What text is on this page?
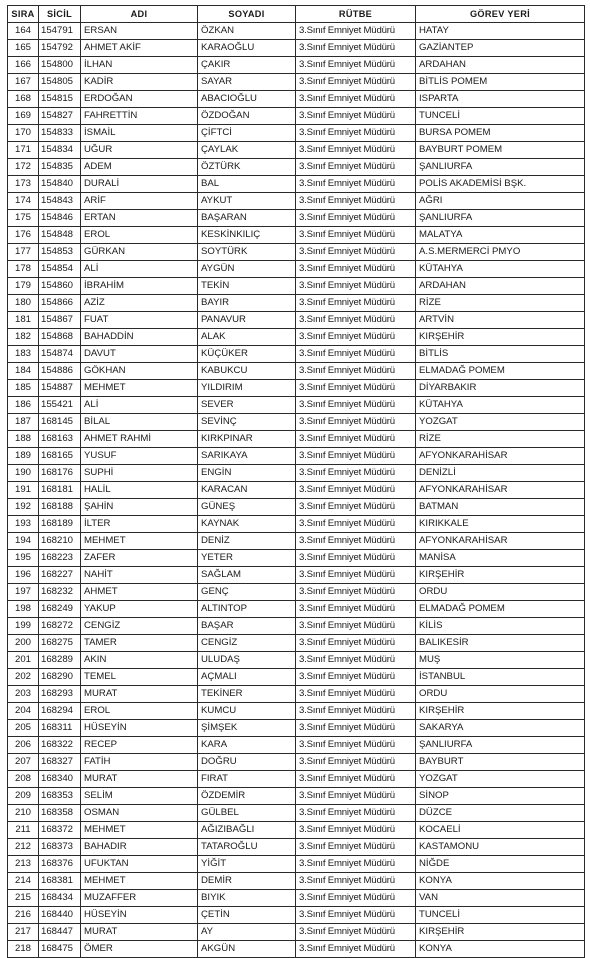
SIRA	SİCİL	ADI	SOYADI	RÜTBE	GÖREV YERİ
164	154791	ERSAN	ÖZKAN	3.Sınıf Emniyet Müdürü	HATAY
165	154792	AHMET AKİF	KARAOĞLU	3.Sınıf Emniyet Müdürü	GAZİANTEP
166	154800	İLHAN	ÇAKIR	3.Sınıf Emniyet Müdürü	ARDAHAN
167	154805	KADİR	SAYAR	3.Sınıf Emniyet Müdürü	BİTLİS POMEM
168	154815	ERDOĞAN	ABACIOĞLU	3.Sınıf Emniyet Müdürü	ISPARTA
169	154827	FAHRETTİN	ÖZDOĞAN	3.Sınıf Emniyet Müdürü	TUNCELİ
170	154833	İSMAİL	ÇİFTCİ	3.Sınıf Emniyet Müdürü	BURSA POMEM
171	154834	UĞUR	ÇAYLAK	3.Sınıf Emniyet Müdürü	BAYBURT POMEM
172	154835	ADEM	ÖZTÜRK	3.Sınıf Emniyet Müdürü	ŞANLIURFA
173	154840	DURALİ	BAL	3.Sınıf Emniyet Müdürü	POLİS AKADEMİSİ BŞK.
174	154843	ARİF	AYKUT	3.Sınıf Emniyet Müdürü	AĞRI
175	154846	ERTAN	BAŞARAN	3.Sınıf Emniyet Müdürü	ŞANLIURFA
176	154848	EROL	KESKİNKILIÇ	3.Sınıf Emniyet Müdürü	MALATYA
177	154853	GÜRKAN	SOYTÜRK	3.Sınıf Emniyet Müdürü	A.S.MERMERCİ PMYO
178	154854	ALİ	AYGÜN	3.Sınıf Emniyet Müdürü	KÜTAHYA
179	154860	İBRAHİM	TEKİN	3.Sınıf Emniyet Müdürü	ARDAHAN
180	154866	AZİZ	BAYIR	3.Sınıf Emniyet Müdürü	RİZE
181	154867	FUAT	PANAVUR	3.Sınıf Emniyet Müdürü	ARTVİN
182	154868	BAHADDİN	ALAK	3.Sınıf Emniyet Müdürü	KIRŞEHİR
183	154874	DAVUT	KÜÇÜKER	3.Sınıf Emniyet Müdürü	BİTLİS
184	154886	GÖKHAN	KABUKCU	3.Sınıf Emniyet Müdürü	ELMADAĞ POMEM
185	154887	MEHMET	YILDIRIM	3.Sınıf Emniyet Müdürü	DİYARBAKIR
186	155421	ALİ	SEVER	3.Sınıf Emniyet Müdürü	KÜTAHYA
187	168145	BİLAL	SEVİNÇ	3.Sınıf Emniyet Müdürü	YOZGAT
188	168163	AHMET RAHMİ	KIRKPINAR	3.Sınıf Emniyet Müdürü	RİZE
189	168165	YUSUF	SARIKAYA	3.Sınıf Emniyet Müdürü	AFYONKARAHİSAR
190	168176	SUPHİ	ENGİN	3.Sınıf Emniyet Müdürü	DENİZLİ
191	168181	HALİL	KARACAN	3.Sınıf Emniyet Müdürü	AFYONKARAHİSAR
192	168188	ŞAHİN	GÜNEŞ	3.Sınıf Emniyet Müdürü	BATMAN
193	168189	İLTER	KAYNAK	3.Sınıf Emniyet Müdürü	KIRIKKALE
194	168210	MEHMET	DENİZ	3.Sınıf Emniyet Müdürü	AFYONKARAHİSAR
195	168223	ZAFER	YETER	3.Sınıf Emniyet Müdürü	MANİSA
196	168227	NAHİT	SAĞLAM	3.Sınıf Emniyet Müdürü	KIRŞEHİR
197	168232	AHMET	GENÇ	3.Sınıf Emniyet Müdürü	ORDU
198	168249	YAKUP	ALTINTOP	3.Sınıf Emniyet Müdürü	ELMADAĞ POMEM
199	168272	CENGİZ	BAŞAR	3.Sınıf Emniyet Müdürü	KİLİS
200	168275	TAMER	CENGİZ	3.Sınıf Emniyet Müdürü	BALIKESİR
201	168289	AKIN	ULUDAŞ	3.Sınıf Emniyet Müdürü	MUŞ
202	168290	TEMEL	AÇMALI	3.Sınıf Emniyet Müdürü	İSTANBUL
203	168293	MURAT	TEKİNER	3.Sınıf Emniyet Müdürü	ORDU
204	168294	EROL	KUMCU	3.Sınıf Emniyet Müdürü	KIRŞEHİR
205	168311	HÜSEYİN	ŞİMŞEK	3.Sınıf Emniyet Müdürü	SAKARYA
206	168322	RECEP	KARA	3.Sınıf Emniyet Müdürü	ŞANLIURFA
207	168327	FATİH	DOĞRU	3.Sınıf Emniyet Müdürü	BAYBURT
208	168340	MURAT	FIRAT	3.Sınıf Emniyet Müdürü	YOZGAT
209	168353	SELİM	ÖZDEMİR	3.Sınıf Emniyet Müdürü	SİNOP
210	168358	OSMAN	GÜLBEL	3.Sınıf Emniyet Müdürü	DÜZCE
211	168372	MEHMET	AĞIZIBAĞLI	3.Sınıf Emniyet Müdürü	KOCAELİ
212	168373	BAHADIR	TATAROĞLU	3.Sınıf Emniyet Müdürü	KASTAMONU
213	168376	UFUKTAN	YİĞİT	3.Sınıf Emniyet Müdürü	NİĞDE
214	168381	MEHMET	DEMİR	3.Sınıf Emniyet Müdürü	KONYA
215	168434	MUZAFFER	BIYIK	3.Sınıf Emniyet Müdürü	VAN
216	168440	HÜSEYİN	ÇETİN	3.Sınıf Emniyet Müdürü	TUNCELİ
217	168447	MURAT	AY	3.Sınıf Emniyet Müdürü	KIRŞEHİR
218	168475	ÖMER	AKGÜN	3.Sınıf Emniyet Müdürü	KONYA
